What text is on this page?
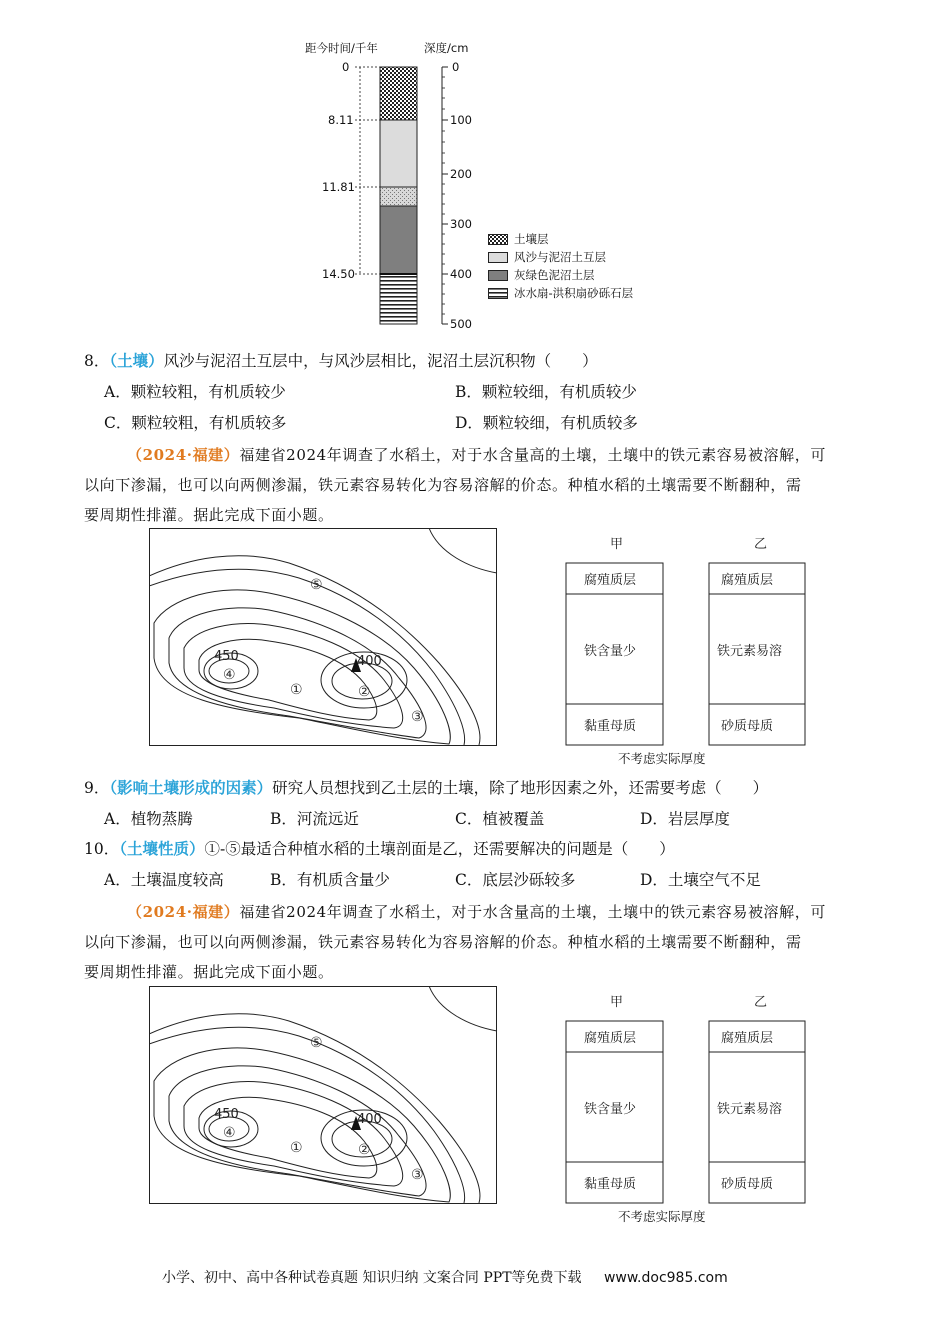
距今时间/千年	深度/cm
0
8.11
11.81
14.50
0
100
200
300
400
500
土壤层
风沙与泥沼土互层
灰绿色泥沼土层
冰水扇-洪积扇砂砾石层
8．（土壤）风沙与泥沼土互层中，与风沙层相比，泥沼土层沉积物（　　）
A．颗粒较粗，有机质较少	B．颗粒较细，有机质较少
C．颗粒较粗，有机质较多	D．颗粒较细，有机质较多
（2024·福建）福建省2024年调查了水稻土，对于水含量高的土壤，土壤中的铁元素容易被溶解，可
以向下渗漏，也可以向两侧渗漏，铁元素容易转化为容易溶解的价态。种植水稻的土壤需要不断翻种，需
要周期性排灌。据此完成下面小题。
450	400
①	②
③
④
⑤
甲
腐殖质层
铁含量少
黏重母质
乙
腐殖质层
铁元素易溶
砂质母质
不考虑实际厚度
9．（影响土壤形成的因素）研究人员想找到乙土层的土壤，除了地形因素之外，还需要考虑（　　）
A．植物蒸腾	B．河流远近	C．植被覆盖	D．岩层厚度
10．（土壤性质）①-⑤最适合种植水稻的土壤剖面是乙，还需要解决的问题是（　　）
A．土壤温度较高	B．有机质含量少	C．底层沙砾较多	D．土壤空气不足
（2024·福建）福建省2024年调查了水稻土，对于水含量高的土壤，土壤中的铁元素容易被溶解，可
以向下渗漏，也可以向两侧渗漏，铁元素容易转化为容易溶解的价态。种植水稻的土壤需要不断翻种，需
要周期性排灌。据此完成下面小题。
450	400
①	②
③
④
⑤
甲
腐殖质层
铁含量少
黏重母质
乙
腐殖质层
铁元素易溶
砂质母质
不考虑实际厚度
小学、初中、高中各种试卷真题 知识归纳 文案合同 PPT等免费下载 www.doc985.com
